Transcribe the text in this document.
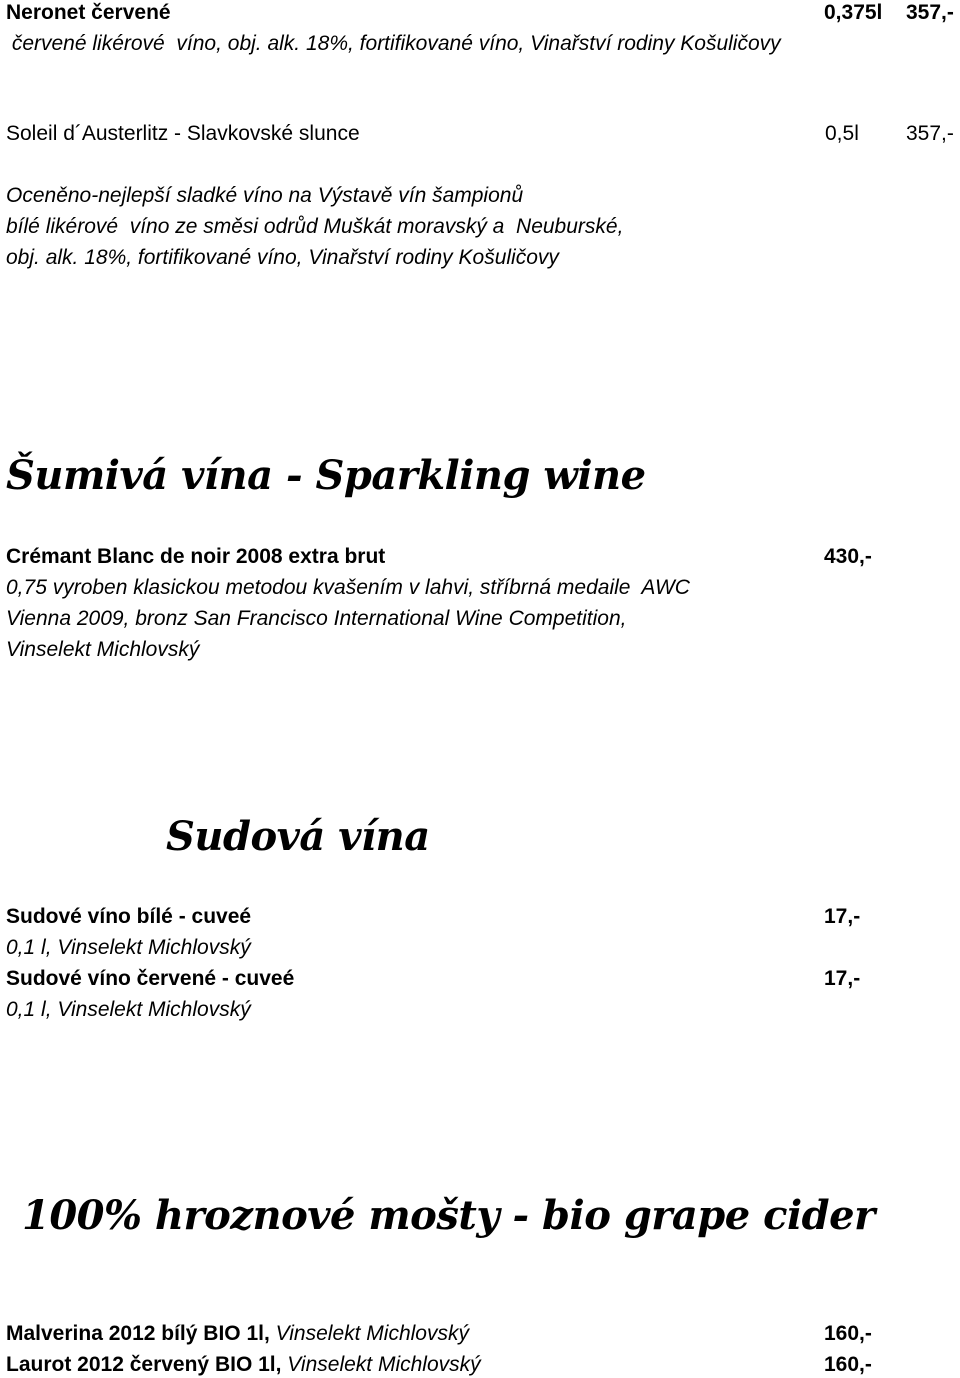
Neronet červené	0,375l 357,-
červené likérové  víno, obj. alk. 18%, fortifikované víno, Vinařství rodiny Košuličovy
Soleil d´Austerlitz - Slavkovské slunce	0,5l 357,-
Oceněno-nejlepší sladké víno na Výstavě vín šampionů
bílé likérové  víno ze směsi odrůd Muškát moravský a  Neuburské,
obj. alk. 18%, fortifikované víno, Vinařství rodiny Košuličovy
Šumivá vína - Sparkling wine
Crémant Blanc de noir 2008 extra brut	430,-
0,75 vyroben klasickou metodou kvašením v lahvi, stříbrná medaile  AWC
Vienna 2009, bronz San Francisco International Wine Competition,
Vinselekt Michlovský
Sudová vína
Sudové víno bílé - cuveé	17,-
0,1 l, Vinselekt Michlovský
Sudové víno červené - cuveé	17,-
0,1 l, Vinselekt Michlovský
100% hroznové mošty - bio grape cider
Malverina 2012 bílý BIO 1l, Vinselekt Michlovský	160,-
Laurot 2012 červený BIO 1l, Vinselekt Michlovský	160,-
